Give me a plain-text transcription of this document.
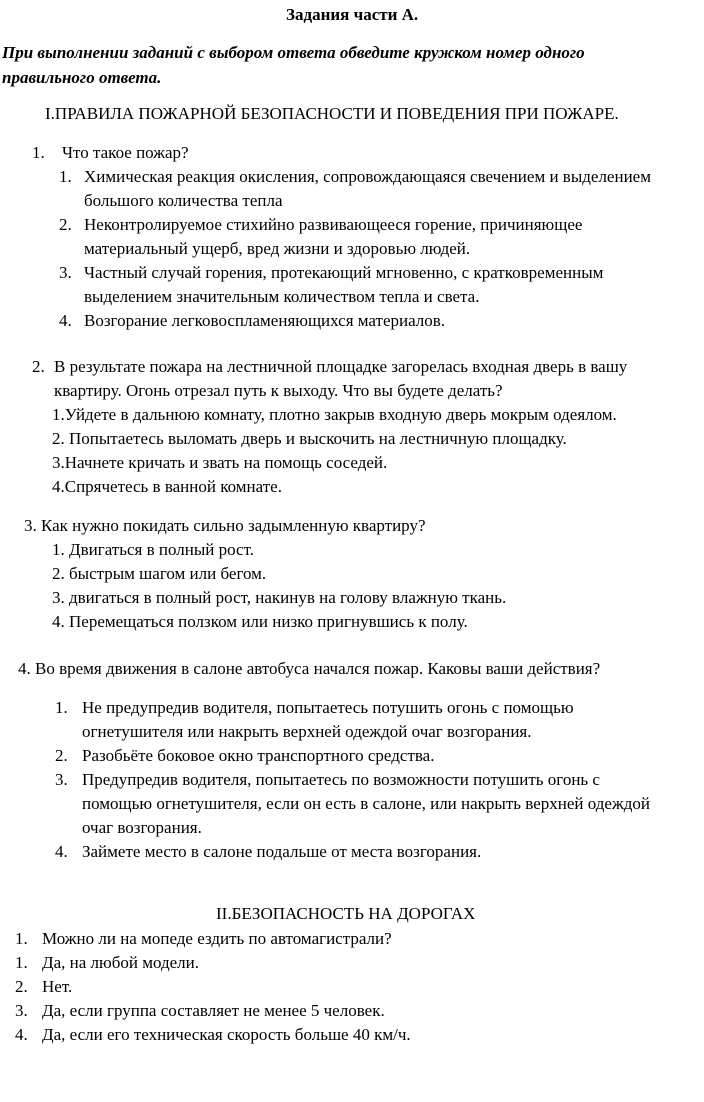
Задания части А.
При выполнении заданий с выбором ответа обведите кружком номер одного
правильного ответа.
I.ПРАВИЛА ПОЖАРНОЙ БЕЗОПАСНОСТИ И ПОВЕДЕНИЯ ПРИ ПОЖАРЕ.
1. Что такое пожар?
1. Химическая реакция окисления, сопровождающаяся свечением и выделением
большого количества тепла
2. Неконтролируемое стихийно развивающееся горение, причиняющее
материальный ущерб, вред жизни и здоровью людей.
3. Частный случай горения, протекающий мгновенно, с кратковременным
выделением значительным количеством тепла и света.
4. Возгорание легковоспламеняющихся материалов.
2. В результате пожара на лестничной площадке загорелась входная дверь в вашу
квартиру. Огонь отрезал путь к выходу. Что вы будете делать?
1.Уйдете в дальнюю комнату, плотно закрыв входную дверь мокрым одеялом.
2. Попытаетесь выломать дверь и выскочить на лестничную площадку.
3.Начнете кричать и звать на помощь соседей.
4.Спрячетесь в ванной комнате.
3. Как нужно покидать сильно задымленную квартиру?
1. Двигаться в полный рост.
2. быстрым шагом или бегом.
3. двигаться в полный рост, накинув на голову влажную ткань.
4. Перемещаться ползком или низко пригнувшись к полу.
4. Во время движения в салоне автобуса начался пожар. Каковы ваши действия?
1. Не предупредив водителя, попытаетесь потушить огонь с помощью
огнетушителя или накрыть верхней одеждой очаг возгорания.
2. Разобьёте боковое окно транспортного средства.
3. Предупредив водителя, попытаетесь по возможности потушить огонь с
помощью огнетушителя, если он есть в салоне, или накрыть верхней одеждой
очаг возгорания.
4. Займете место в салоне подальше от места возгорания.
II.БЕЗОПАСНОСТЬ НА ДОРОГАХ
1. Можно ли на мопеде ездить по автомагистрали?
1. Да, на любой модели.
2. Нет.
3. Да, если группа составляет не менее 5 человек.
4. Да, если его техническая скорость больше 40 км/ч.
